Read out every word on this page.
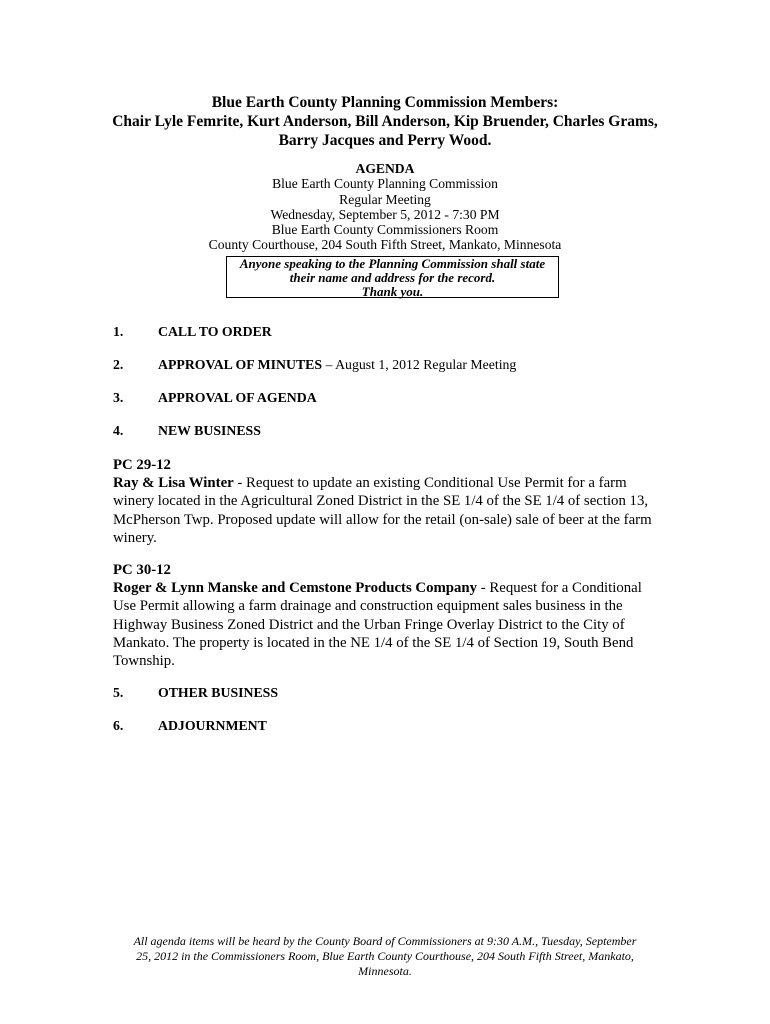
Blue Earth County Planning Commission Members:
Chair Lyle Femrite, Kurt Anderson, Bill Anderson, Kip Bruender, Charles Grams,
Barry Jacques and Perry Wood.
AGENDA
Blue Earth County Planning Commission
Regular Meeting
Wednesday, September 5, 2012 - 7:30 PM
Blue Earth County Commissioners Room
County Courthouse, 204 South Fifth Street, Mankato, Minnesota
Anyone speaking to the Planning Commission shall state
their name and address for the record.
Thank you.
1.	CALL TO ORDER
2.	APPROVAL OF MINUTES – August 1, 2012 Regular Meeting
3.	APPROVAL OF AGENDA
4.	NEW BUSINESS
PC 29-12
Ray & Lisa Winter - Request to update an existing Conditional Use Permit for a farm winery located in the Agricultural Zoned District in the SE 1/4 of the SE 1/4 of section 13, McPherson Twp. Proposed update will allow for the retail (on-sale) sale of beer at the farm winery.
PC 30-12
Roger & Lynn Manske and Cemstone Products Company - Request for a Conditional Use Permit allowing a farm drainage and construction equipment sales business in the Highway Business Zoned District and the Urban Fringe Overlay District to the City of Mankato. The property is located in the NE 1/4 of the SE 1/4 of Section 19, South Bend Township.
5.	OTHER BUSINESS
6.	ADJOURNMENT
All agenda items will be heard by the County Board of Commissioners at 9:30 A.M., Tuesday, September
25, 2012 in the Commissioners Room, Blue Earth County Courthouse, 204 South Fifth Street, Mankato,
Minnesota.
